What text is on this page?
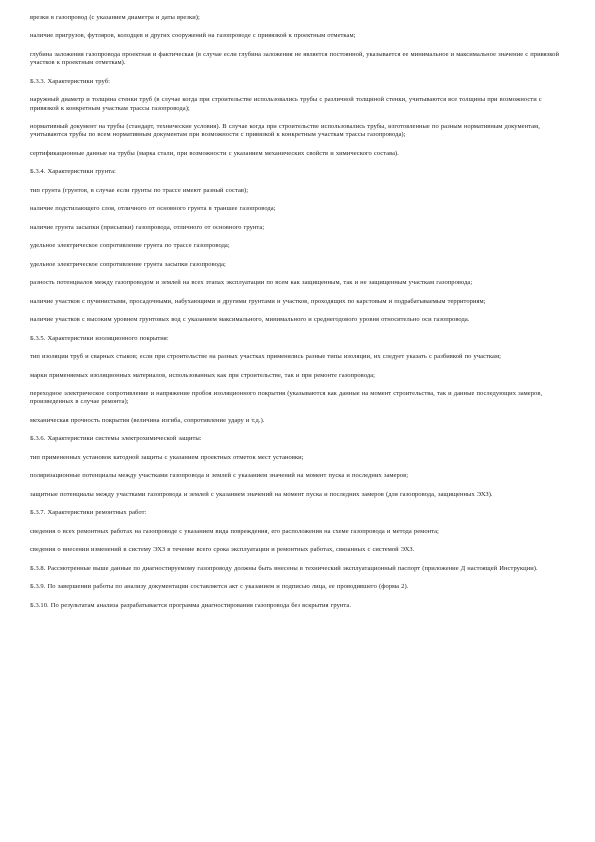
врезки в газопровод (с указанием диаметра и даты врезки);

наличие пригрузов, футляров, колодцев и других сооружений на газопроводе с привязкой к проектным отметкам;

глубина заложения газопровода проектная и фактическая (в случае если глубина заложения не является постоянной, указывается ее минимальное и максимальное значение с привязкой участков к проектным отметкам).

Б.3.3. Характеристики труб:

наружный диаметр и толщина стенки труб (в случае когда при строительстве использовались трубы с различной толщиной стенки, учитываются все толщины при возможности с привязкой к конкретным участкам трассы газопровода);

нормативный документ на трубы (стандарт, технические условия). В случае когда при строительстве использовались трубы, изготовленные по разным нормативным документам, учитываются трубы по всем нормативным документам при возможности с привязкой к конкретным участкам трассы газопровода);

сертификационные данные на трубы (марка стали, при возможности с указанием механических свойств и химического состава).

Б.3.4. Характеристики грунта:

тип грунта (грунтов, в случае если грунты по трассе имеют разный состав);

наличие подстилающего слоя, отличного от основного грунта в траншее газопровода;

наличие грунта засыпки (присыпки) газопровода, отличного от основного грунта;

удельное электрическое сопротивление грунта по трассе газопровода;

удельное электрическое сопротивление грунта засыпки газопровода;

разность потенциалов между газопроводом и землей на всех этапах эксплуатации по всем как защищенным, так и не защищенным участкам газопровода;

наличие участков с пучинистыми, просадочными, набухающими и другими грунтами и участков, проходящих по карстовым и подрабатываемым территориям;

наличие участков с высоким уровнем грунтовых вод с указанием максимального, минимального и среднегодового уровня относительно оси газопровода.

Б.3.5. Характеристики изоляционного покрытия:

тип изоляции труб и сварных стыков; если при строительстве на разных участках применялись разные типы изоляции, их следует указать с разбивкой по участкам;

марки применяемых изоляционных материалов, использованных как при строительстве, так и при ремонте газопровода;

переходное электрическое сопротивление и напряжение пробоя изоляционного покрытия (указываются как данные на момент строительства, так и данные последующих замеров, произведенных в случае ремонта);

механическая прочность покрытия (величина изгиба, сопротивление удару и т.д.).

Б.3.6. Характеристики системы электрохимической защиты:

тип примененных установок катодной защиты с указанием проектных отметок мест установки;

поляризационные потенциалы между участками газопровода и землей с указанием значений на момент пуска и последних замеров;

защитные потенциалы между участками газопровода и землей с указанием значений на момент пуска и последних замеров (для газопровода, защищенных ЭХЗ).

Б.3.7. Характеристики ремонтных работ:

сведения о всех ремонтных работах на газопроводе с указанием вида повреждения, его расположения на схеме газопровода и метода ремонта;

сведения о внесении изменений в систему ЭХЗ в течение всего срока эксплуатации и ремонтных работах, связанных с системой ЭХЗ.

Б.3.8. Рассмотренные выше данные по диагностируемому газопроводу должны быть внесены в технический эксплуатационный паспорт (приложение Д настоящей Инструкции).

Б.3.9. По завершении работы по анализу документации составляется акт с указанием и подписью лица, ее проводившего (форма 2).

Б.3.10. По результатам анализа разрабатывается программа диагностирования газопровода без вскрытия грунта.
